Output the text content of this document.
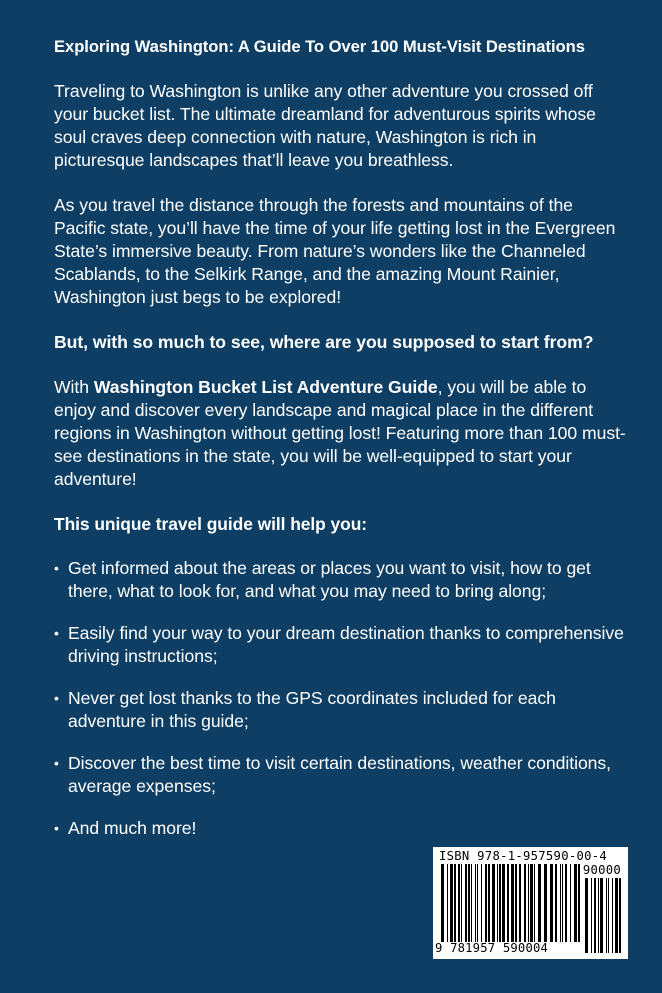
Exploring Washington: A Guide To Over 100 Must-Visit Destinations

Traveling to Washington is unlike any other adventure you crossed off your bucket list. The ultimate dreamland for adventurous spirits whose soul craves deep connection with nature, Washington is rich in picturesque landscapes that’ll leave you breathless.

As you travel the distance through the forests and mountains of the Pacific state, you’ll have the time of your life getting lost in the Evergreen State’s immersive beauty. From nature’s wonders like the Channeled Scablands, to the Selkirk Range, and the amazing Mount Rainier, Washington just begs to be explored!

But, with so much to see, where are you supposed to start from?

With Washington Bucket List Adventure Guide, you will be able to enjoy and discover every landscape and magical place in the different regions in Washington without getting lost! Featuring more than 100 must-see destinations in the state, you will be well-equipped to start your adventure!

This unique travel guide will help you:

• Get informed about the areas or places you want to visit, how to get there, what to look for, and what you may need to bring along;
• Easily find your way to your dream destination thanks to comprehensive driving instructions;
• Never get lost thanks to the GPS coordinates included for each adventure in this guide;
• Discover the best time to visit certain destinations, weather conditions, average expenses;
• And much more!
ISBN 978-1-957590-00-4
90000
9 781957 590004
